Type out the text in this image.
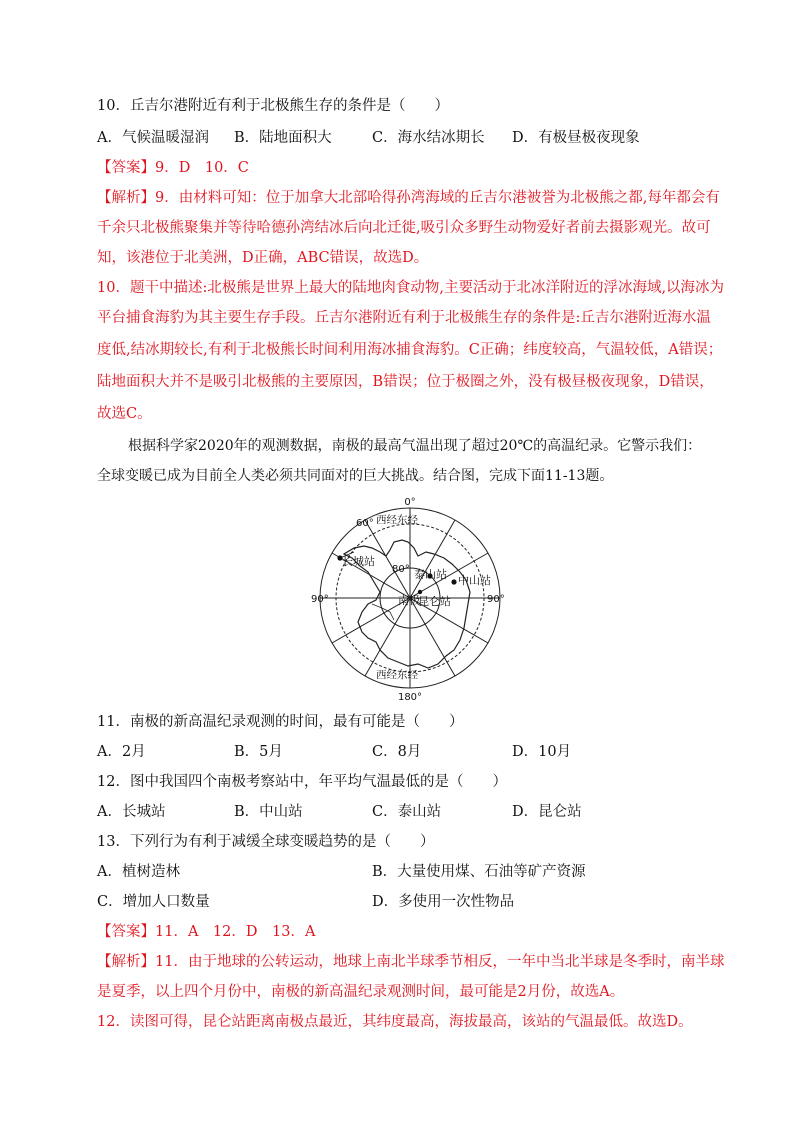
10．丘吉尔港附近有利于北极熊生存的条件是（　　）
A．气候温暖湿润 B．陆地面积大	C．海水结冰期长 D．有极昼极夜现象
【答案】9．D　10．C
【解析】9．由材料可知：位于加拿大北部哈得孙湾海域的丘吉尔港被誉为北极熊之都,每年都会有
千余只北极熊聚集并等待哈德孙湾结冰后向北迁徙,吸引众多野生动物爱好者前去摄影观光。故可
知，该港位于北美洲，D正确，ABC错误，故选D。
10．题干中描述:北极熊是世界上最大的陆地肉食动物,主要活动于北冰洋附近的浮冰海域,以海冰为
平台捕食海豹为其主要生存手段。丘吉尔港附近有利于北极熊生存的条件是:丘吉尔港附近海水温
度低,结冰期较长,有利于北极熊长时间利用海冰捕食海豹。C正确；纬度较高，气温较低，A错误；
陆地面积大并不是吸引北极熊的主要原因，B错误；位于极圈之外，没有极昼极夜现象，D错误，
故选C。
根据科学家2020年的观测数据，南极的最高气温出现了超过20℃的高温纪录。它警示我们：
全球变暖已成为目前全人类必须共同面对的巨大挑战。结合图，完成下面11-13题。
0°
180°
90°	90°
60°
80°
西经东经
西经东经
南极
长城站
泰山站 中山站
昆仑站
11．南极的新高温纪录观测的时间，最有可能是（　　）
A．2月	B．5月	C．8月	D．10月
12．图中我国四个南极考察站中，年平均气温最低的是（　　）
A．长城站	B．中山站	C．泰山站	D．昆仑站
13．下列行为有利于减缓全球变暖趋势的是（　　）
A．植树造林	B．大量使用煤、石油等矿产资源
C．增加人口数量	D．多使用一次性物品
【答案】11．A　12．D　13．A
【解析】11．由于地球的公转运动，地球上南北半球季节相反，一年中当北半球是冬季时，南半球
是夏季，以上四个月份中，南极的新高温纪录观测时间，最可能是2月份，故选A。
12．读图可得，昆仑站距离南极点最近，其纬度最高，海拔最高，该站的气温最低。故选D。
